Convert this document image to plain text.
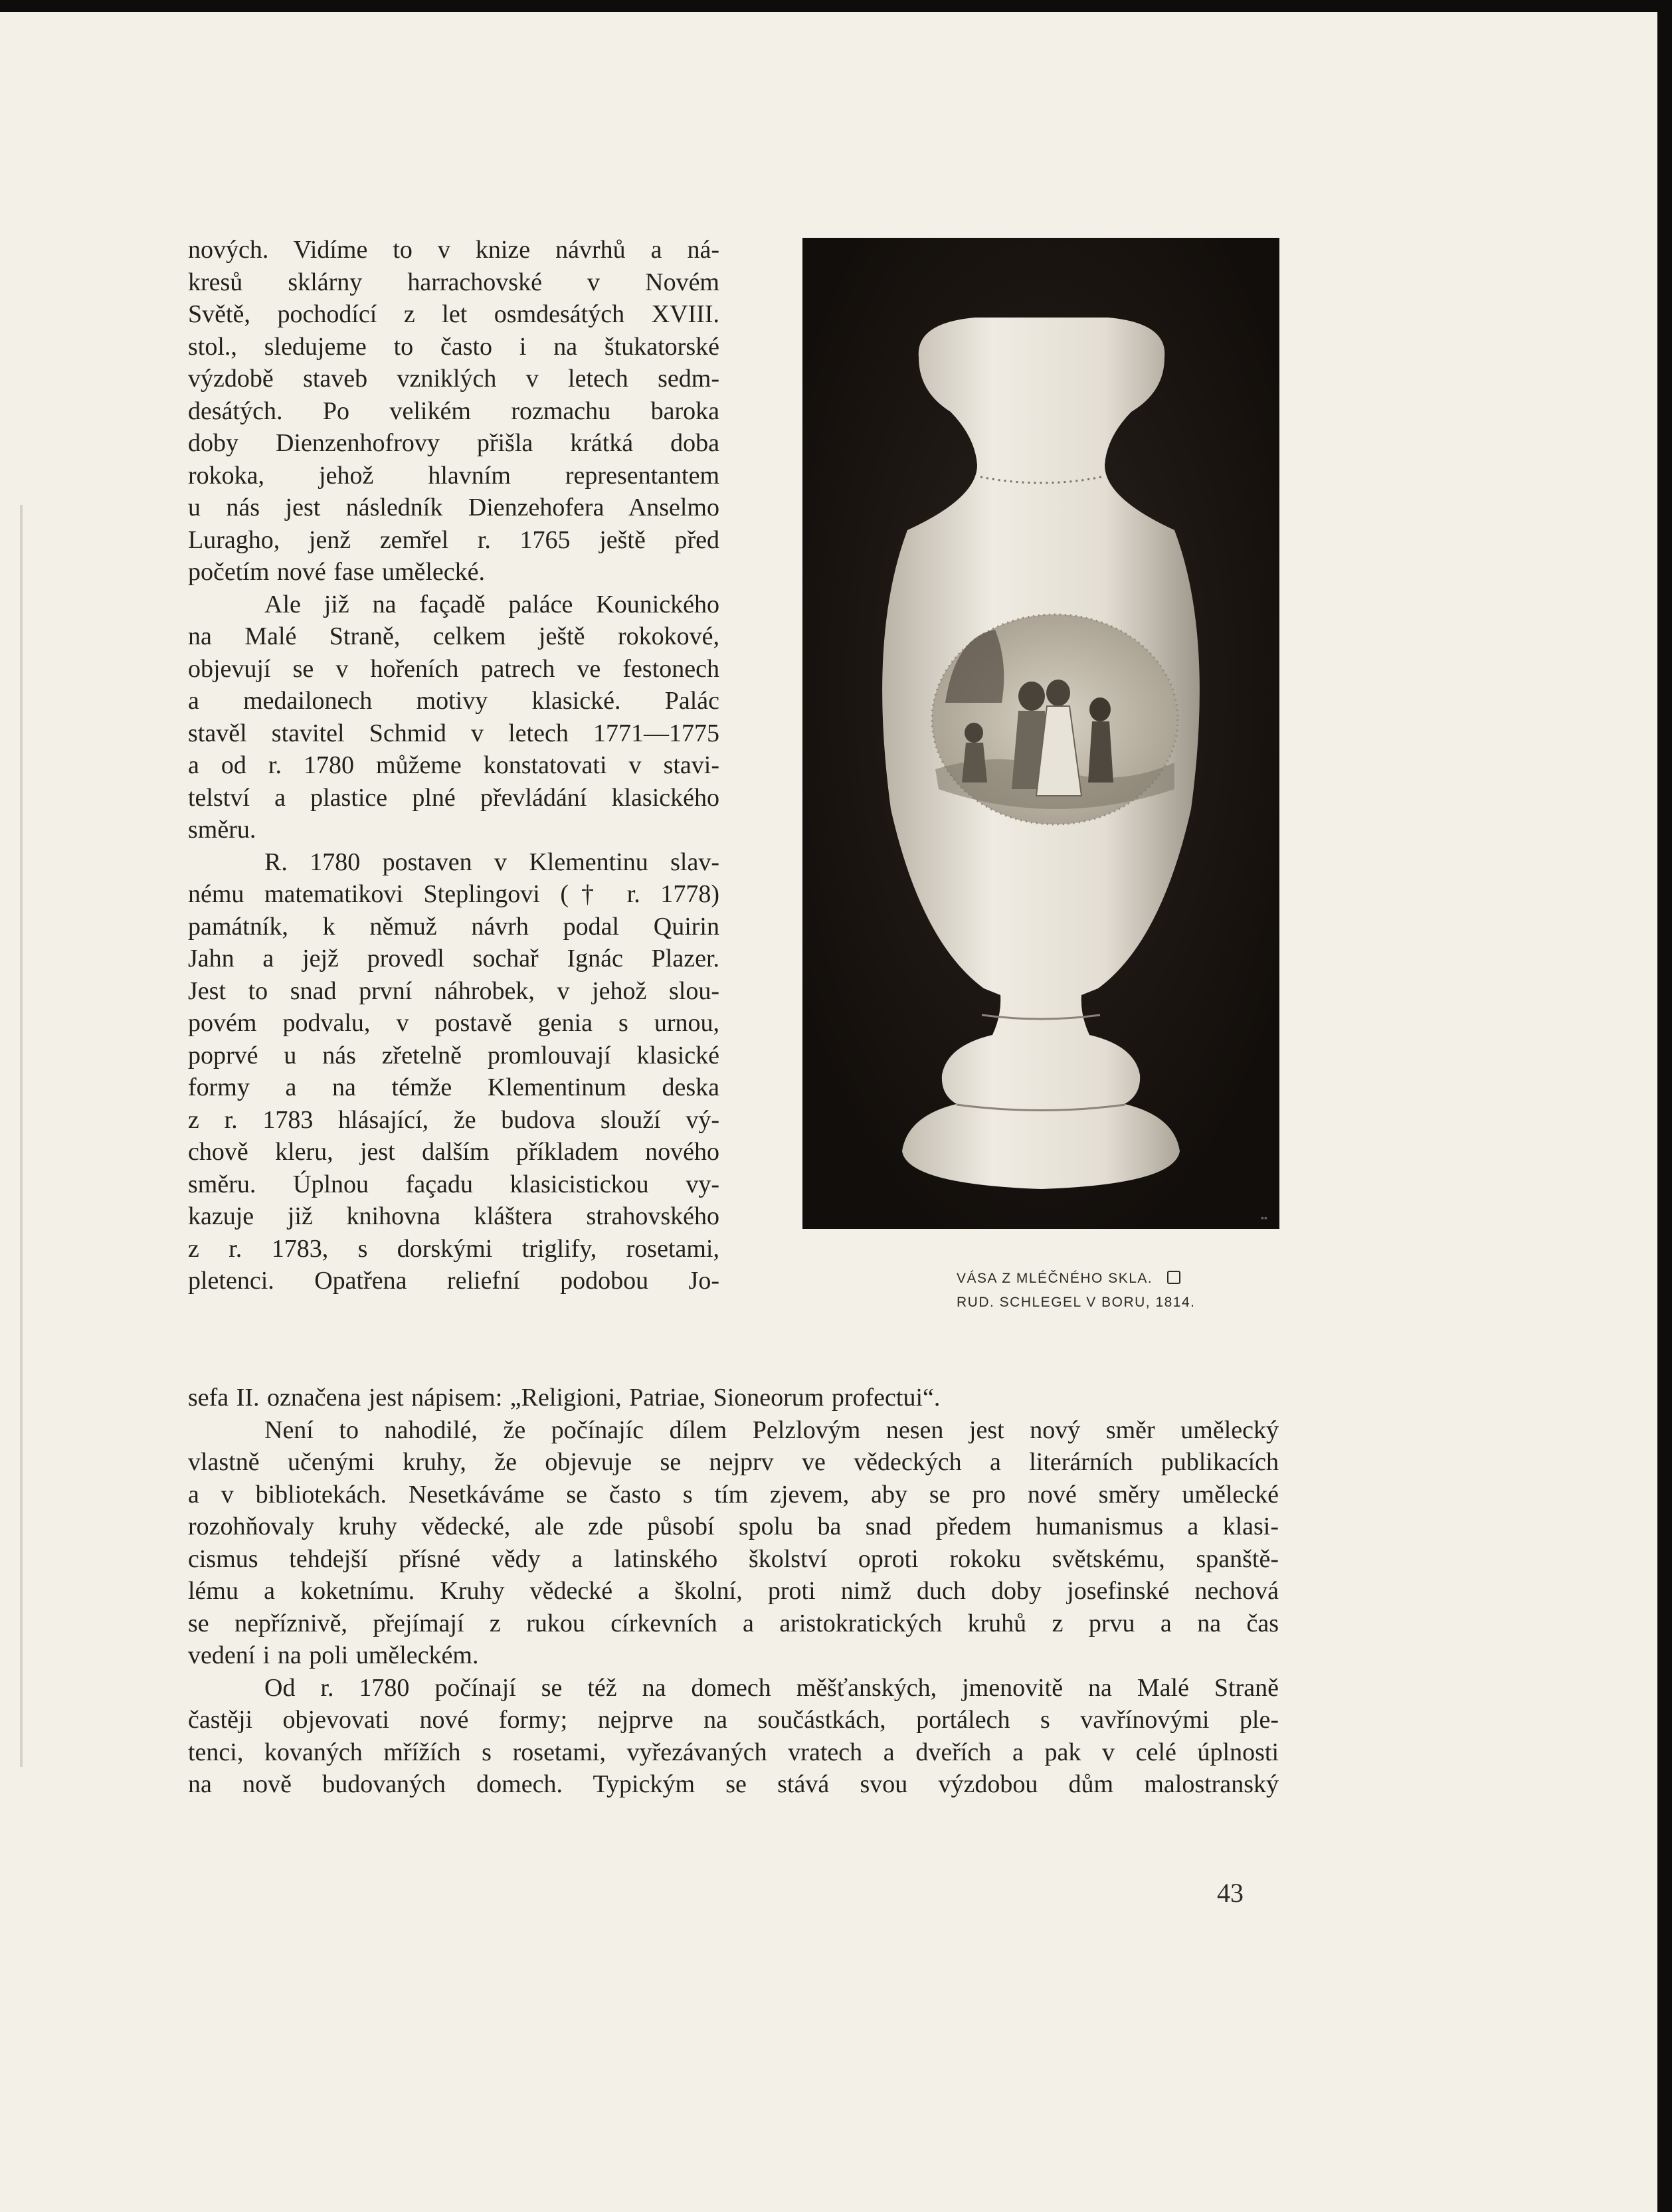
nových. Vidíme to v knize návrhů a ná-
kresů sklárny harrachovské v Novém
Světě, pochodící z let osmdesátých XVIII.
stol., sledujeme to často i na štukatorské
výzdobě staveb vzniklých v letech sedm-
desátých. Po velikém rozmachu baroka
doby Dienzenhofrovy přišla krátká doba
rokoka, jehož hlavním representantem
u nás jest následník Dienzehofera Anselmo
Luragho, jenž zemřel r. 1765 ještě před
početím nové fase umělecké.
Ale již na façadě paláce Kounického
na Malé Straně, celkem ještě rokokové,
objevují se v hořeních patrech ve festonech
a medailonech motivy klasické. Palác
stavěl stavitel Schmid v letech 1771—1775
a od r. 1780 můžeme konstatovati v stavi-
telství a plastice plné převládání klasického
směru.
R. 1780 postaven v Klementinu slav-
nému matematikovi Steplingovi († r. 1778)
památník, k němuž návrh podal Quirin
Jahn a jejž provedl sochař Ignác Plazer.
Jest to snad první náhrobek, v jehož slou-
povém podvalu, v postavě genia s urnou,
poprvé u nás zřetelně promlouvají klasické
formy a na témže Klementinum deska
z r. 1783 hlásající, že budova slouží vý-
chově kleru, jest dalším příkladem nového
směru. Úplnou façadu klasicistickou vy-
kazuje již knihovna kláštera strahovského
z r. 1783, s dorskými triglify, rosetami,
pletenci. Opatřena reliefní podobou Jo-
▪▪
VÁSA Z MLÉČNÉHO SKLA.
RUD. SCHLEGEL V BORU, 1814.
sefa II. označena jest nápisem: „Religioni, Patriae, Sioneorum profectui“.
Není to nahodilé, že počínajíc dílem Pelzlovým nesen jest nový směr umělecký
vlastně učenými kruhy, že objevuje se nejprv ve vědeckých a literárních publikacích
a v bibliotekách. Nesetkáváme se často s tím zjevem, aby se pro nové směry umělecké
rozohňovaly kruhy vědecké, ale zde působí spolu ba snad předem humanismus a klasi-
cismus tehdejší přísné vědy a latinského školství oproti rokoku světskému, spanště-
lému a koketnímu. Kruhy vědecké a školní, proti nimž duch doby josefinské nechová
se nepříznivě, přejímají z rukou církevních a aristokratických kruhů z prvu a na čas
vedení i na poli uměleckém.
Od r. 1780 počínají se též na domech měšťanských, jmenovitě na Malé Straně
častěji objevovati nové formy; nejprve na součástkách, portálech s vavřínovými ple-
tenci, kovaných mřížích s rosetami, vyřezávaných vratech a dveřích a pak v celé úplnosti
na nově budovaných domech. Typickým se stává svou výzdobou dům malostranský
43
